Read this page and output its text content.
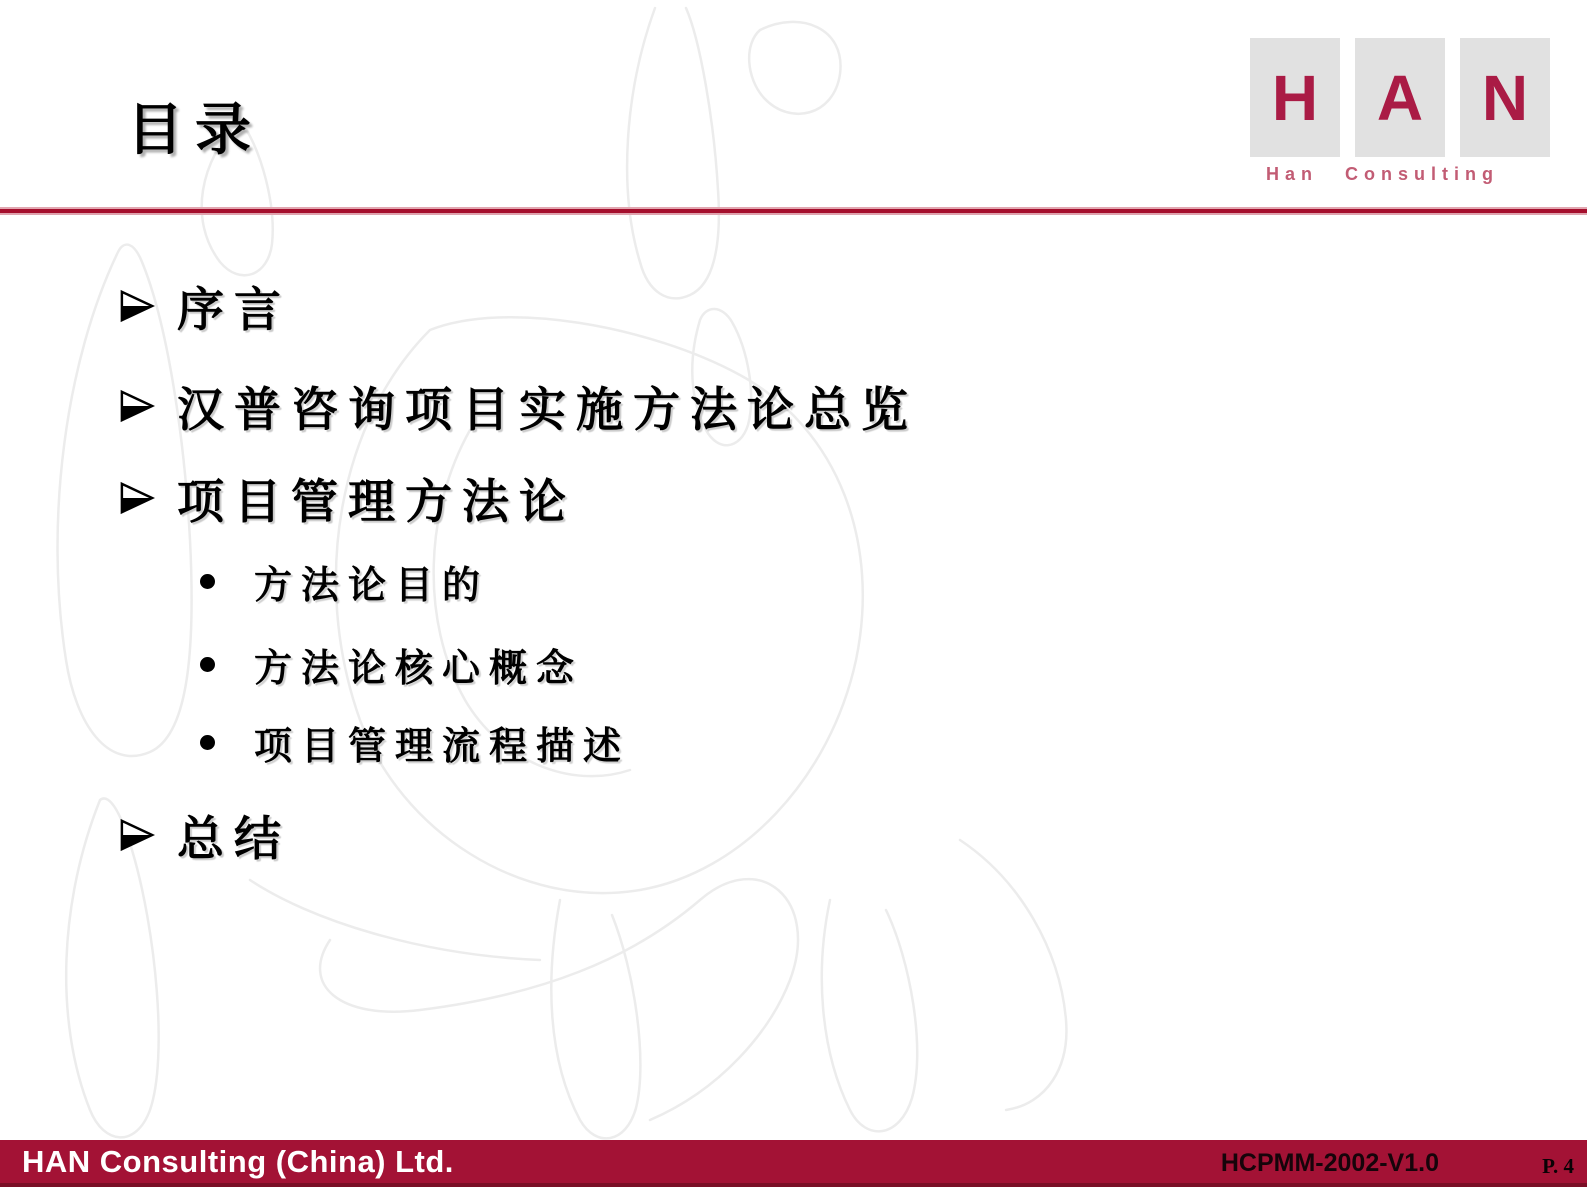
目录	H A N
Han Consulting
序言
汉普咨询项目实施方法论总览
项目管理方法论
方法论目的
方法论核心概念
项目管理流程描述
总结
HAN Consulting (China) Ltd.	HCPMM-2002-V1.0	P. 4
